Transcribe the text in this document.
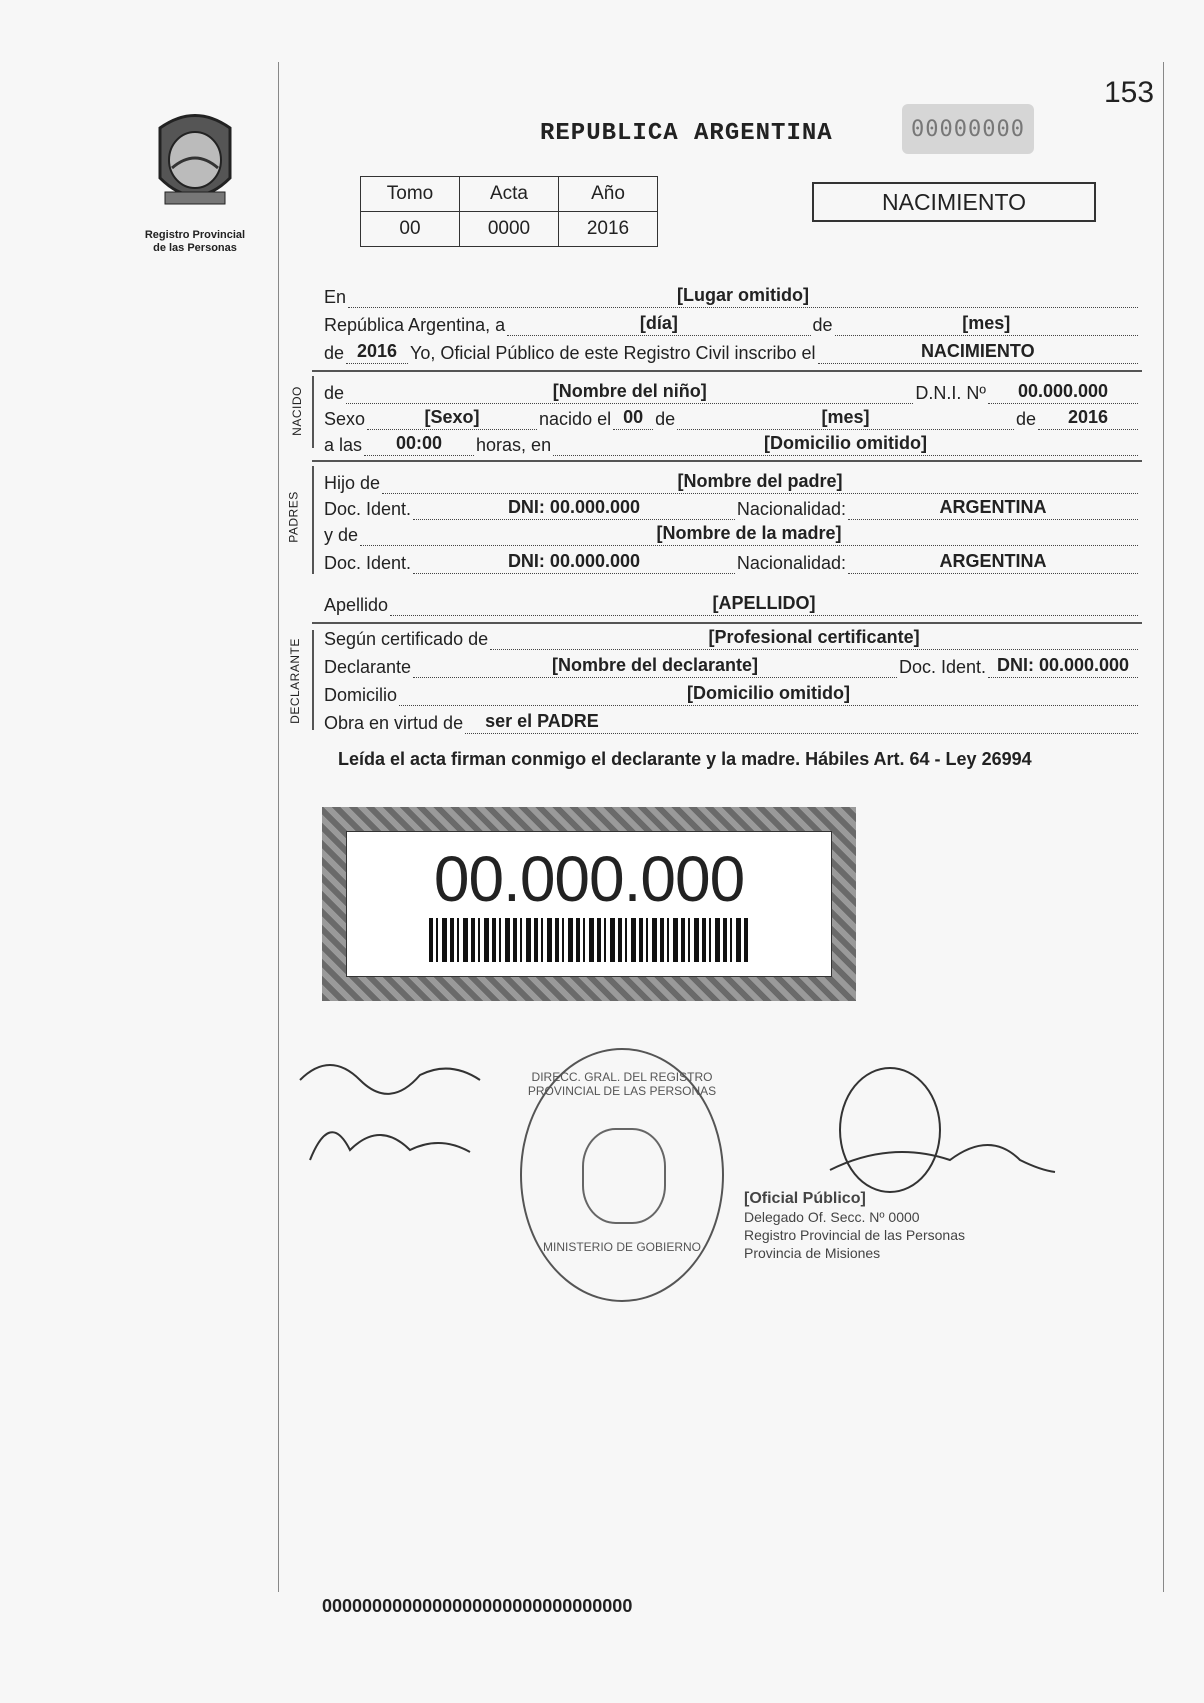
153
Registro Provincial de las Personas
REPUBLICA ARGENTINA	00000000
Tomo	Acta	Año
00	0000	2016
NACIMIENTO
En	[Lugar omitido]
República Argentina, a	[día]	de	[mes]
de 2016 Yo, Oficial Público de este Registro Civil inscribo el	NACIMIENTO
NACIDO de	[Nombre del niño]	D.N.I. Nº	00.000.000
Sexo	[Sexo]	nacido el 00 de	[mes]	de	2016
a las	00:00	horas, en	[Domicilio omitido]
PADRES
Hijo de	[Nombre del padre]
Doc. Ident.	DNI: 00.000.000	Nacionalidad:	ARGENTINA
y de	[Nombre de la madre]
Doc. Ident.	DNI: 00.000.000	Nacionalidad:	ARGENTINA
Apellido	[APELLIDO]
DECLARANTE Según certificado de	[Profesional certificante]
Declarante	[Nombre del declarante]	Doc. Ident. DNI: 00.000.000
Domicilio	[Domicilio omitido]
Obra en virtud de ser el PADRE
Leída el acta firman conmigo el declarante y la madre. Hábiles Art. 64 - Ley 26994
00.000.000
DIRECC. GRAL. DEL REGISTRO PROVINCIAL DE LAS PERSONAS
MINISTERIO DE GOBIERNO
[Oficial Público]
Delegado Of. Secc. Nº 0000
Registro Provincial de las Personas
Provincia de Misiones
0000000000000000000000000000000
